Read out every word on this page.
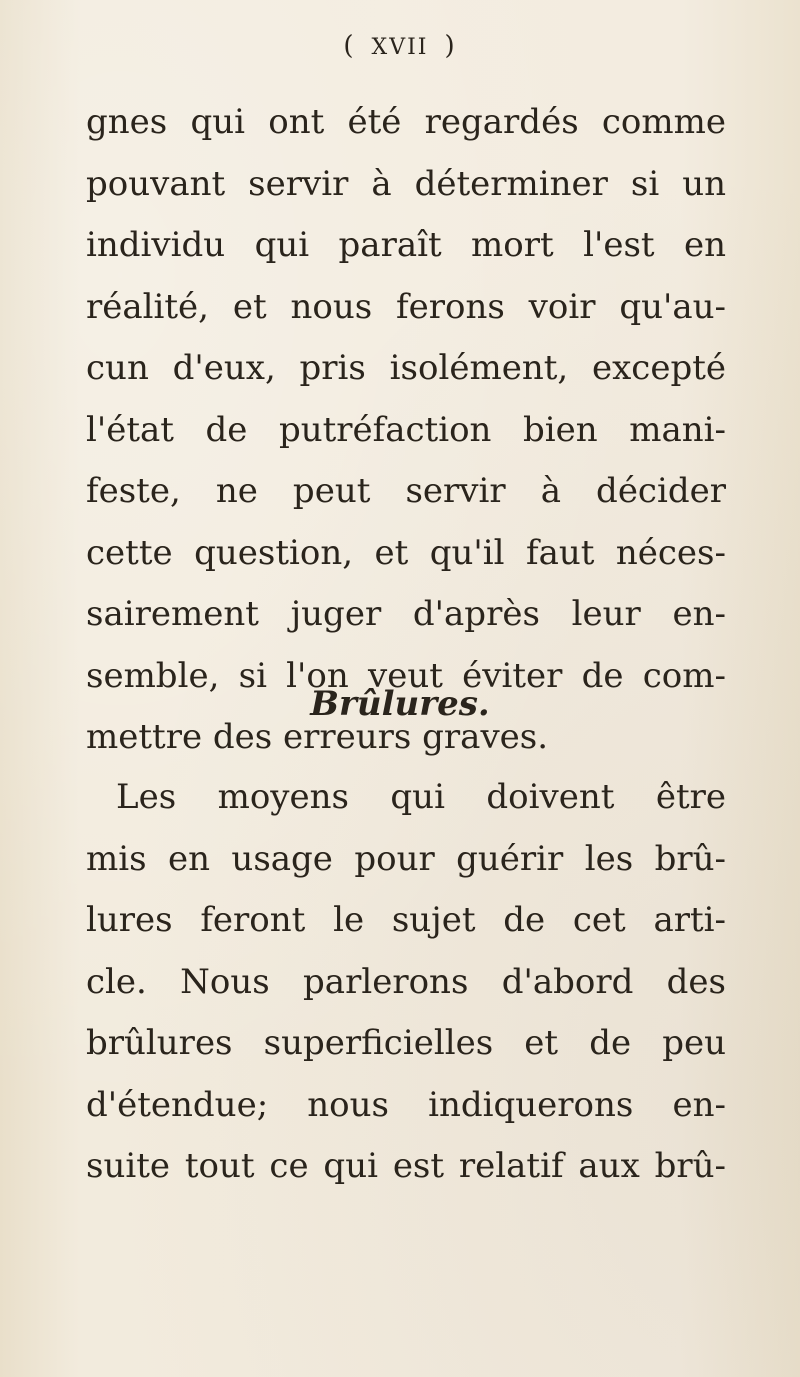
( XVII )
gnes qui ont été regardés comme
pouvant servir à déterminer si un
individu qui paraît mort l'est en
réalité, et nous ferons voir qu'au-
cun d'eux, pris isolément, excepté
l'état de putréfaction bien mani-
feste, ne peut servir à décider
cette question, et qu'il faut néces-
sairement juger d'après leur en-
semble, si l'on veut éviter de com-
mettre des erreurs graves.
Brûlures.
Les moyens qui doivent être
mis en usage pour guérir les brû-
lures feront le sujet de cet arti-
cle. Nous parlerons d'abord des
brûlures superficielles et de peu
d'étendue; nous indiquerons en-
suite tout ce qui est relatif aux brû-
